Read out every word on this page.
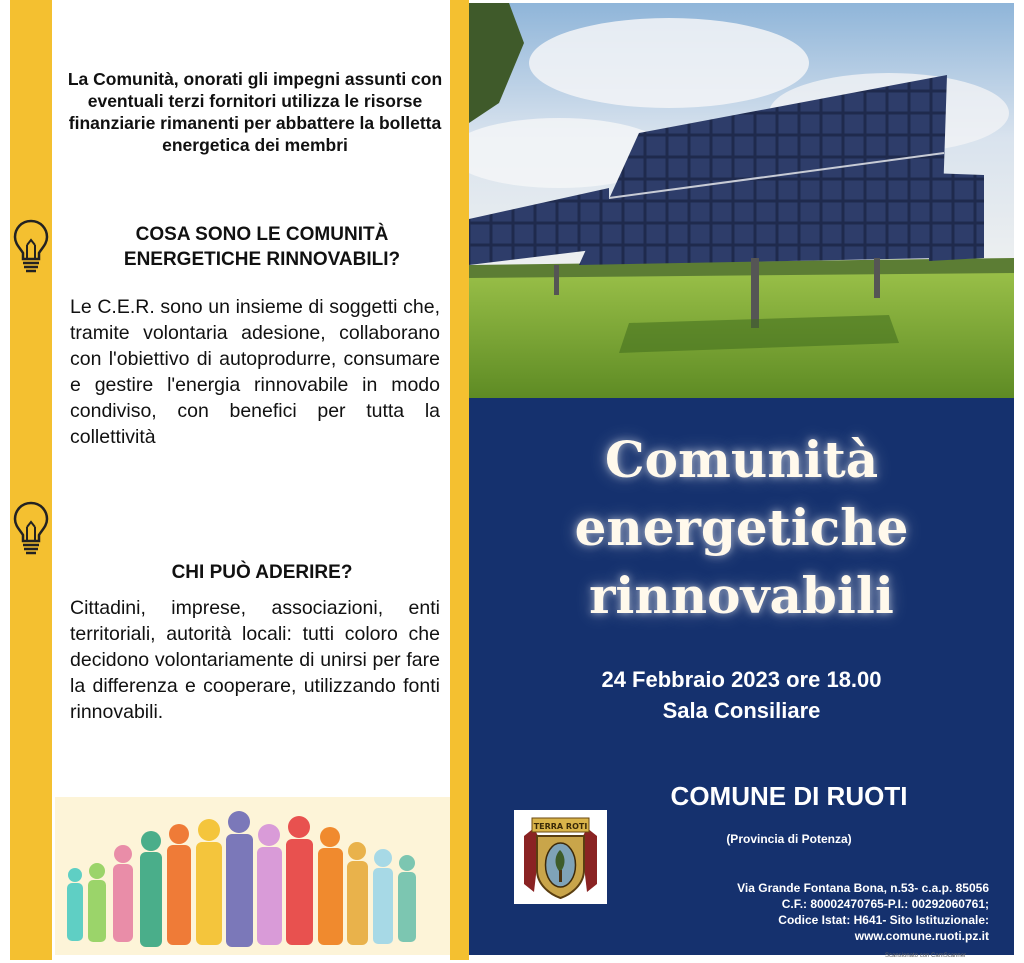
La Comunità, onorati gli impegni assunti con eventuali terzi fornitori utilizza le risorse finanziarie rimanenti per abbattere la bolletta energetica dei membri

COSA SONO LE COMUNITÀ
ENERGETICHE RINNOVABILI?

Le C.E.R. sono un insieme di soggetti che, tramite volontaria adesione, collaborano con l'obiettivo di autoprodurre, consumare e gestire l'energia rinnovabile in modo condiviso, con benefici per tutta la collettività

CHI PUÒ ADERIRE?

Cittadini, imprese, associazioni, enti territoriali, autorità locali: tutti coloro che decidono volontariamente di unirsi per fare la differenza e cooperare, utilizzando fonti rinnovabili.

Comunità
energetiche
rinnovabili
24 Febbraio 2023 ore 18.00
Sala Consiliare
TERRA ROTI
COMUNE DI RUOTI
(Provincia di Potenza)
Via Grande Fontana Bona, n.53- c.a.p. 85056
C.F.: 80002470765-P.I.: 00292060761;
Codice Istat: H641- Sito Istituzionale:
www.comune.ruoti.pz.it
Scansionato con CamScanner
